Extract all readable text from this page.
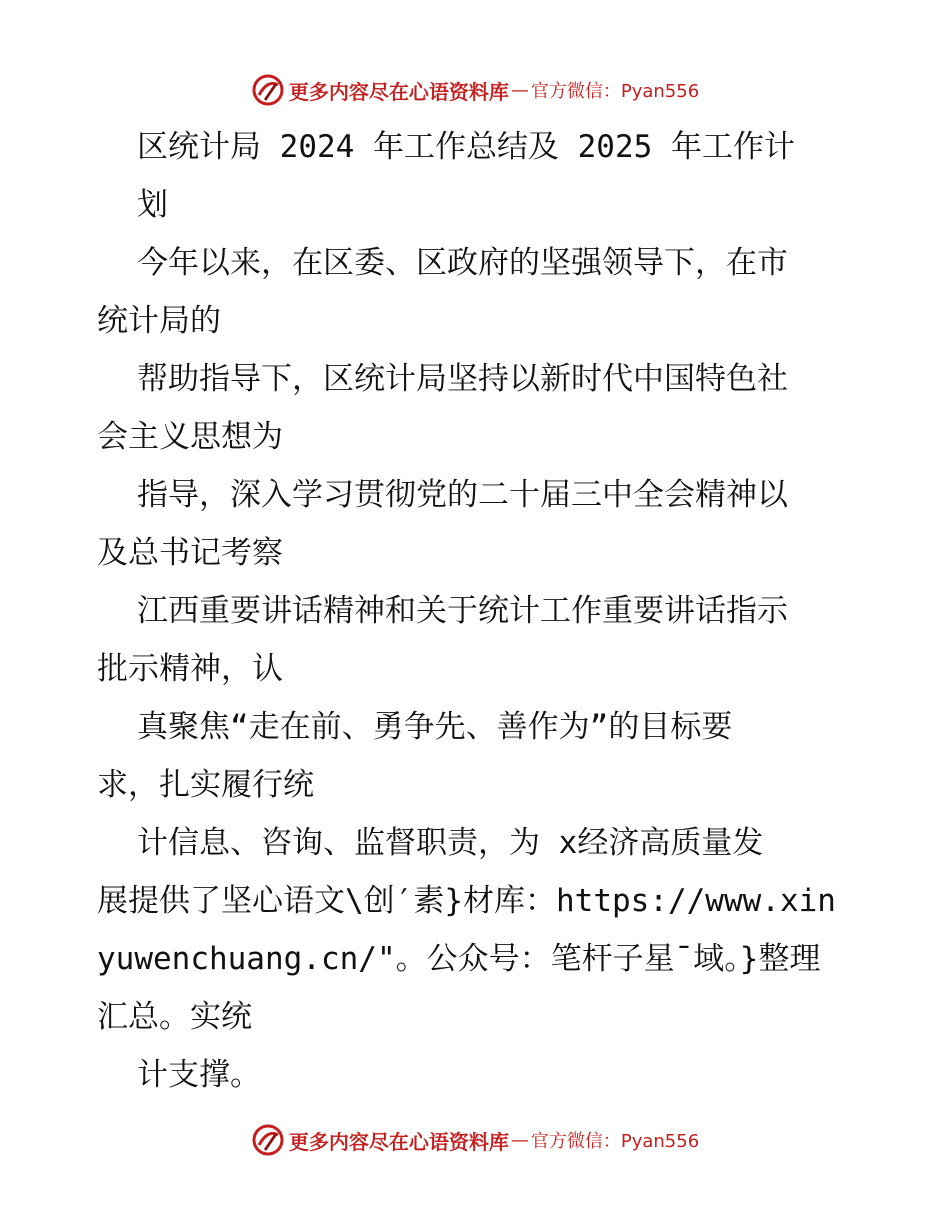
更多内容尽在心语资料库 — 官方微信：Pyan556
区统计局 2024 年工作总结及 2025 年工作计
划
今年以来，在区委、区政府的坚强领导下，在市
统计局的
帮助指导下，区统计局坚持以新时代中国特色社
会主义思想为
指导，深入学习贯彻党的二十届三中全会精神以
及总书记考察
江西重要讲话精神和关于统计工作重要讲话指示
批示精神，认
真聚焦“走在前、勇争先、善作为”的目标要
求，扎实履行统
计信息、咨询、监督职责，为 x经济高质量发
展提供了坚心语文\创′素}材库：https://www.xin
yuwenchuang.cn/"。公众号：笔杆子星¯域。}整理
汇总。实统
计支撑。
更多内容尽在心语资料库 — 官方微信：Pyan556
